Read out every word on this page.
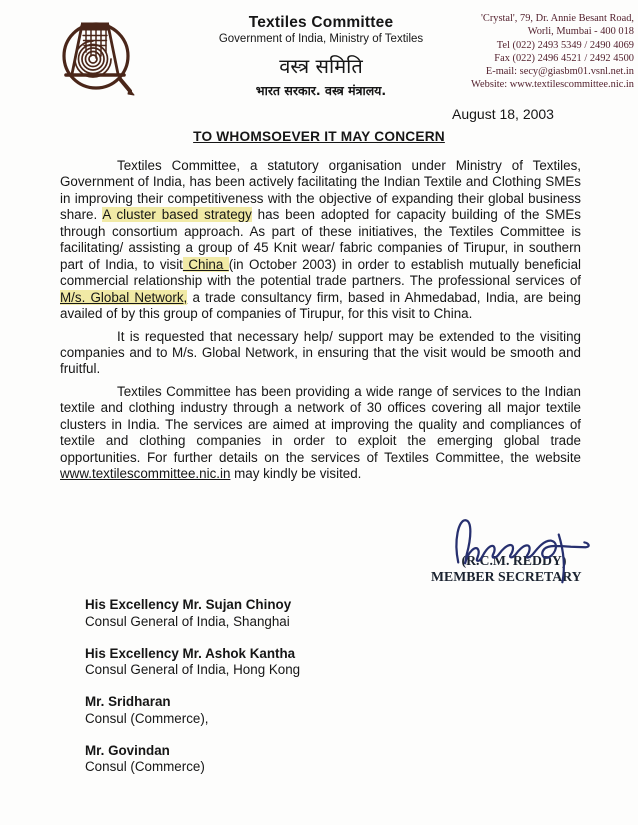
Textiles Committee
Government of India, Ministry of Textiles
वस्त्र समिति
भारत सरकार. वस्त्र मंत्रालय.
'Crystal', 79, Dr. Annie Besant Road,
Worli, Mumbai - 400 018
Tel (022) 2493 5349 / 2490 4069
Fax (022) 2496 4521 / 2492 4500
E-mail: secy@giasbm01.vsnl.net.in
Website: www.textilescommittee.nic.in
August 18, 2003
TO WHOMSOEVER IT MAY CONCERN

Textiles Committee, a statutory organisation under Ministry of Textiles, Government of India, has been actively facilitating the Indian Textile and Clothing SMEs in improving their competitiveness with the objective of expanding their global business share. A cluster based strategy has been adopted for capacity building of the SMEs through consortium approach. As part of these initiatives, the Textiles Committee is facilitating/ assisting a group of 45 Knit wear/ fabric companies of Tirupur, in southern part of India, to visit China (in October 2003) in order to establish mutually beneficial commercial relationship with the potential trade partners. The professional services of M/s. Global Network, a trade consultancy firm, based in Ahmedabad, India, are being availed of by this group of companies of Tirupur, for this visit to China.

It is requested that necessary help/ support may be extended to the visiting companies and to M/s. Global Network, in ensuring that the visit would be smooth and fruitful.

Textiles Committee has been providing a wide range of services to the Indian textile and clothing industry through a network of 30 offices covering all major textile clusters in India. The services are aimed at improving the quality and compliances of textile and clothing companies in order to exploit the emerging global trade opportunities. For further details on the services of Textiles Committee, the website www.textilescommittee.nic.in may kindly be visited.

(R.C.M. REDDY)
MEMBER SECRETARY
His Excellency Mr. Sujan Chinoy
Consul General of India, Shanghai
His Excellency Mr. Ashok Kantha
Consul General of India, Hong Kong
Mr. Sridharan
Consul (Commerce),
Mr. Govindan
Consul (Commerce)
